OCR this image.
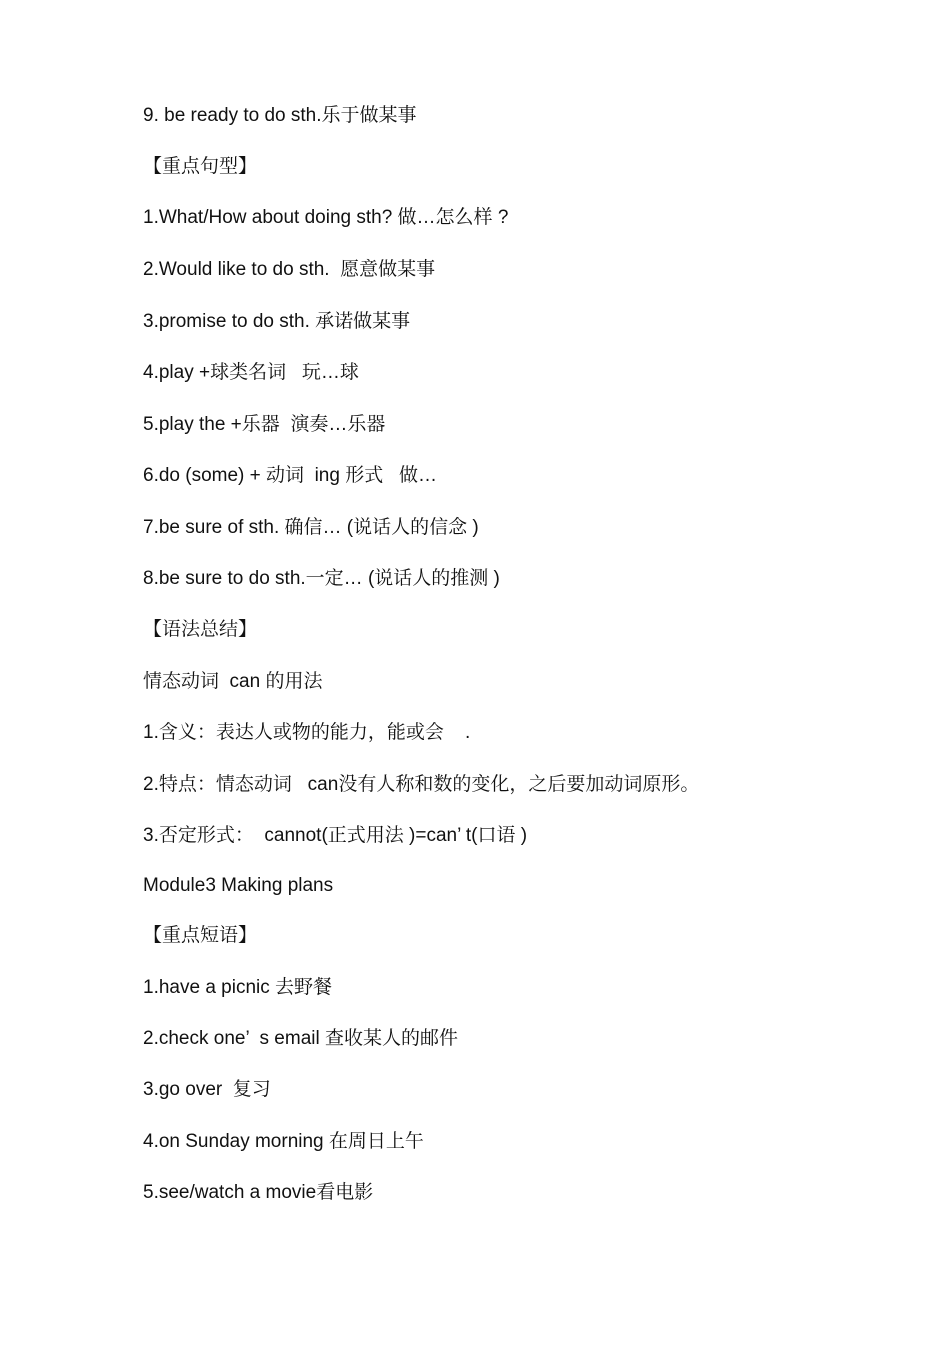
9. be ready to do sth.乐于做某事
【重点句型】
1.What/How about doing sth? 做…怎么样 ?
2.Would like to do sth.  愿意做某事
3.promise to do sth. 承诺做某事
4.play +球类名词   玩…球
5.play the +乐器  演奏…乐器
6.do (some) + 动词  ing 形式   做…
7.be sure of sth. 确信… (说话人的信念 )
8.be sure to do sth.一定… (说话人的推测 )
【语法总结】
情态动词  can 的用法
1.含义：表达人或物的能力，能或会    .
2.特点：情态动词   can没有人称和数的变化，之后要加动词原形。
3.否定形式：  cannot(正式用法 )=can’ t(口语 )
Module3 Making plans
【重点短语】
1.have a picnic 去野餐
2.check one’  s email 查收某人的邮件
3.go over  复习
4.on Sunday morning 在周日上午
5.see/watch a movie看电影
